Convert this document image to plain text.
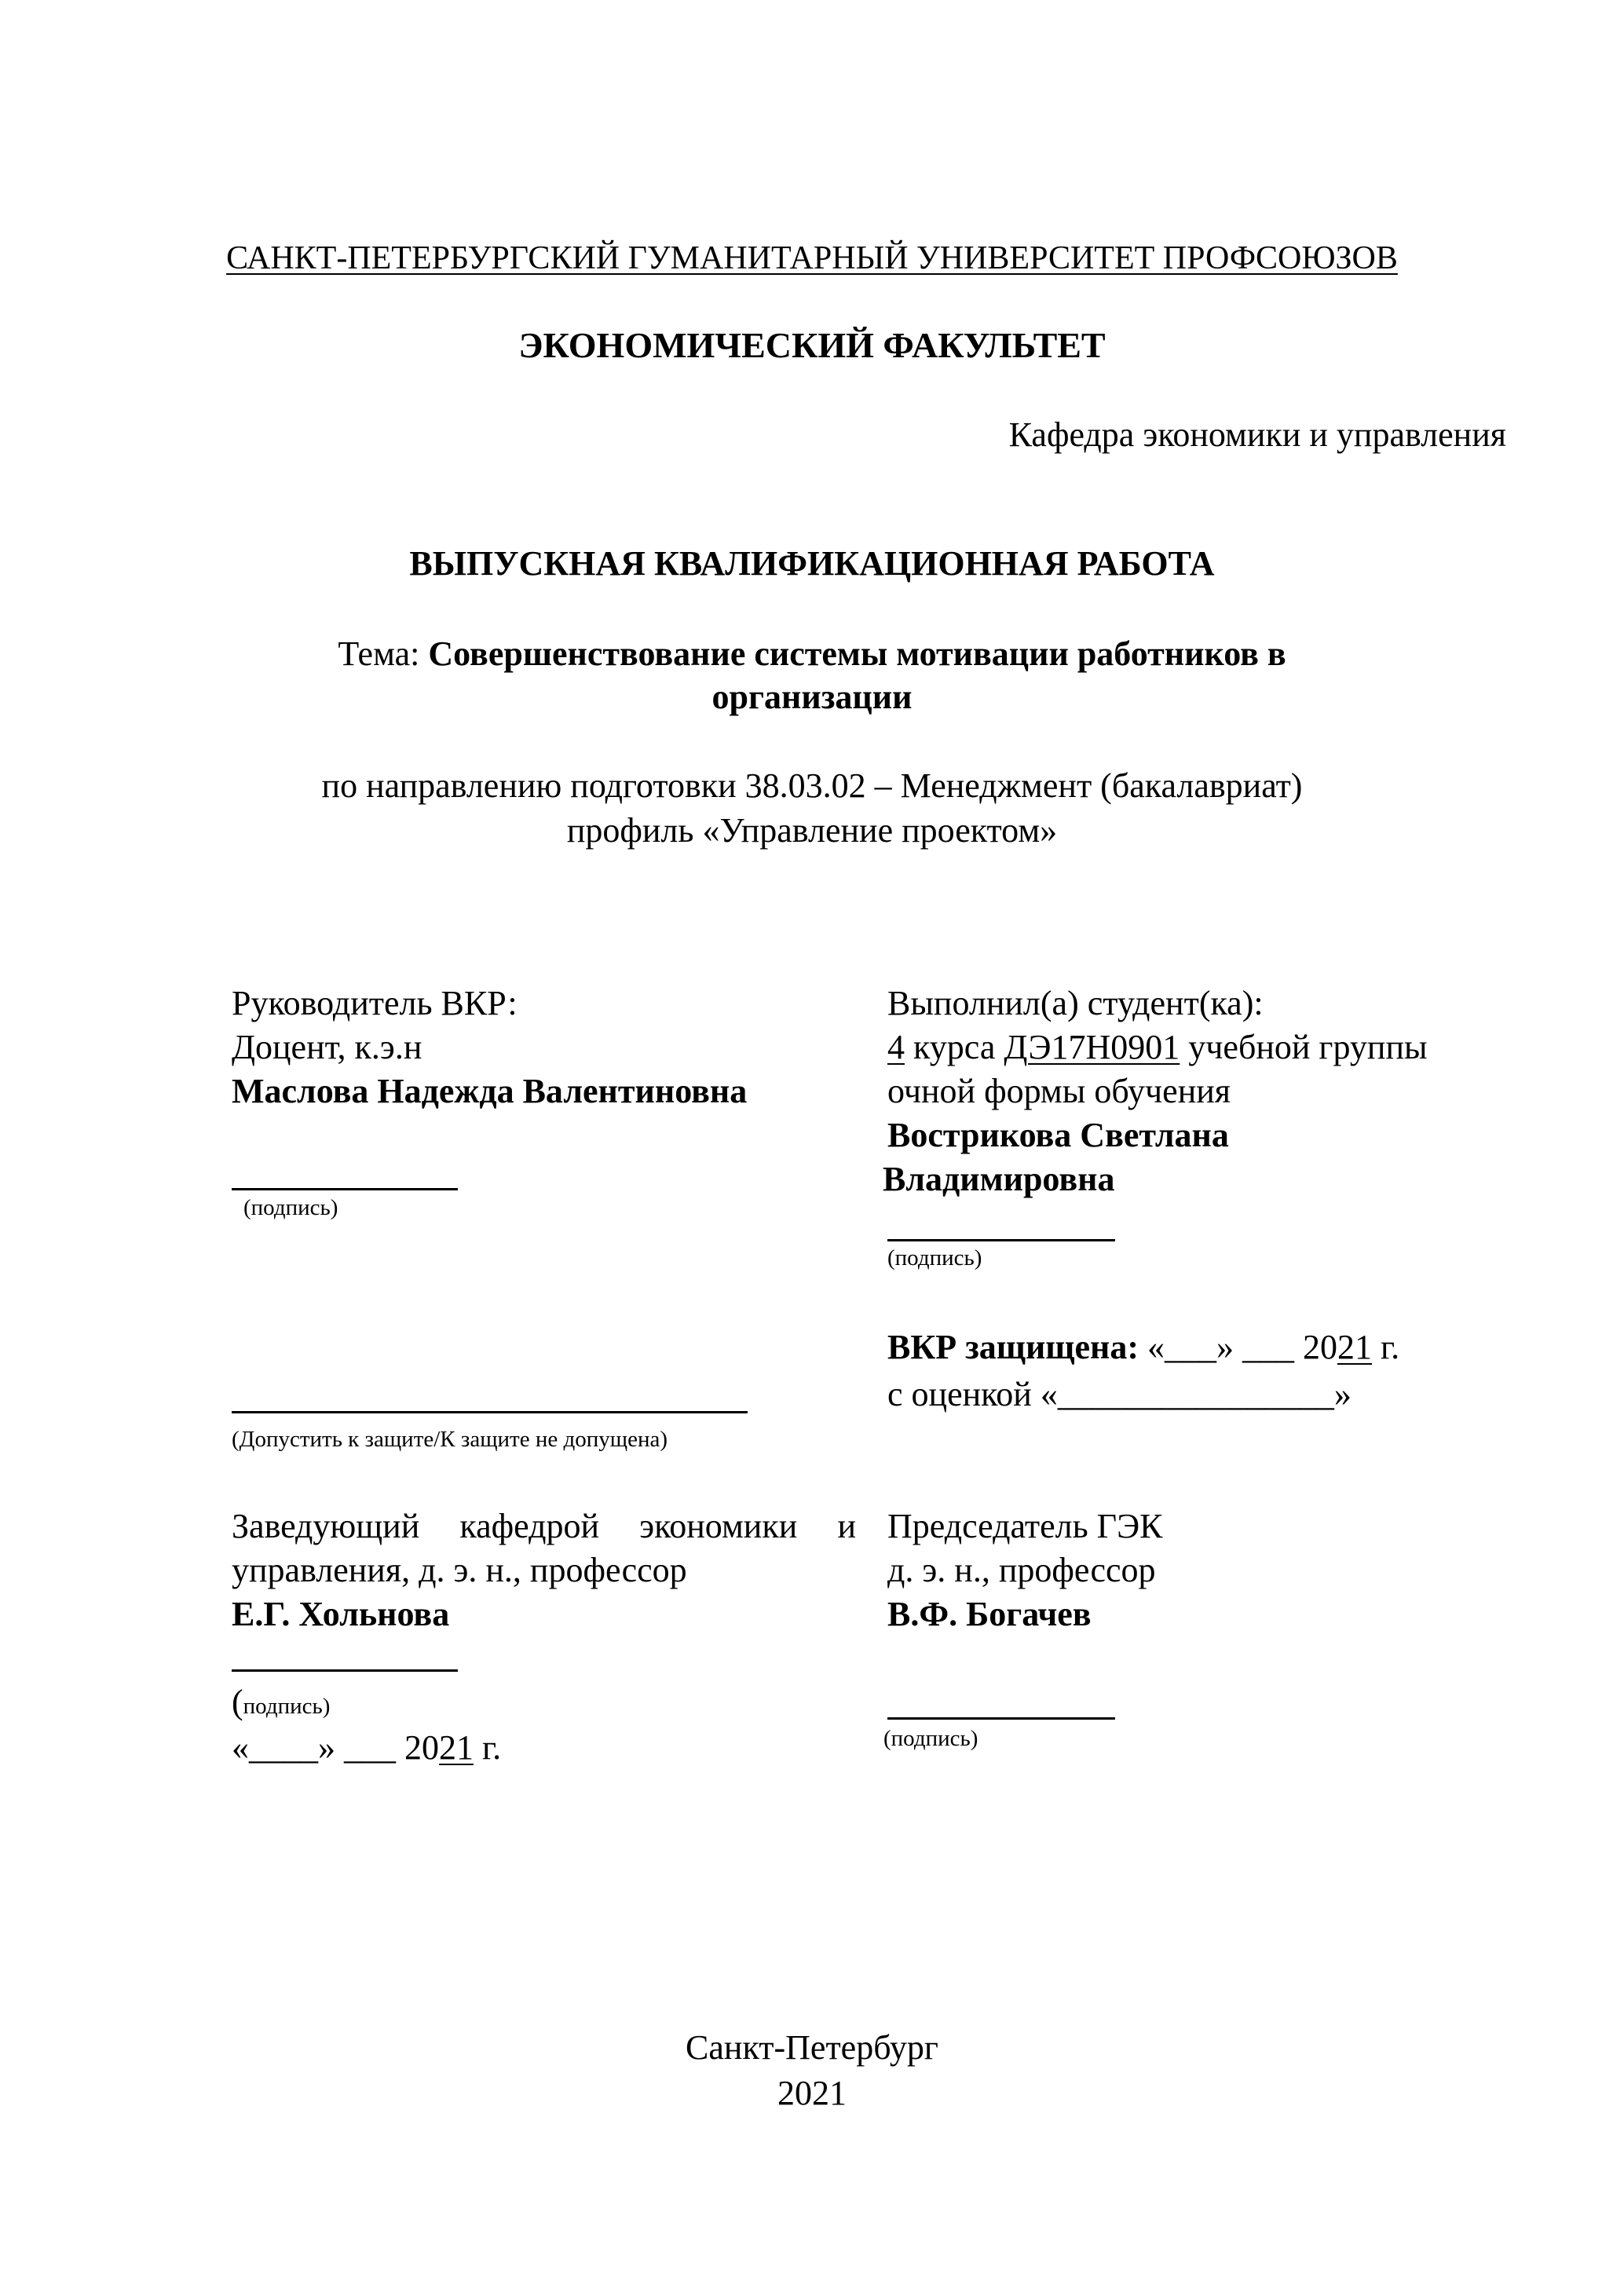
САНКТ-ПЕТЕРБУРГСКИЙ ГУМАНИТАРНЫЙ УНИВЕРСИТЕТ ПРОФСОЮЗОВ
ЭКОНОМИЧЕСКИЙ ФАКУЛЬТЕТ
Кафедра экономики и управления
ВЫПУСКНАЯ КВАЛИФИКАЦИОННАЯ РАБОТА
Тема: Совершенствование системы мотивации работников в
организации
по направлению подготовки 38.03.02 – Менеджмент (бакалавриат)
профиль «Управление проектом»
Руководитель ВКР:
Доцент, к.э.н
Маслова Надежда Валентиновна
(подпись)
Выполнил(а) студент(ка):
4 курса ДЭ17Н0901 учебной группы
очной формы обучения
Вострикова Светлана
Владимировна
(подпись)
(Допустить к защите/К защите не допущена)
ВКР защищена: «___» ___ 2021 г.
с оценкой «________________»
Заведующий кафедрой экономики и
управления, д. э. н., профессор
Е.Г. Хольнова
(подпись)
«____» ___ 2021 г.
Председатель ГЭК
д. э. н., профессор
В.Ф. Богачев
(подпись)
Санкт-Петербург
2021
